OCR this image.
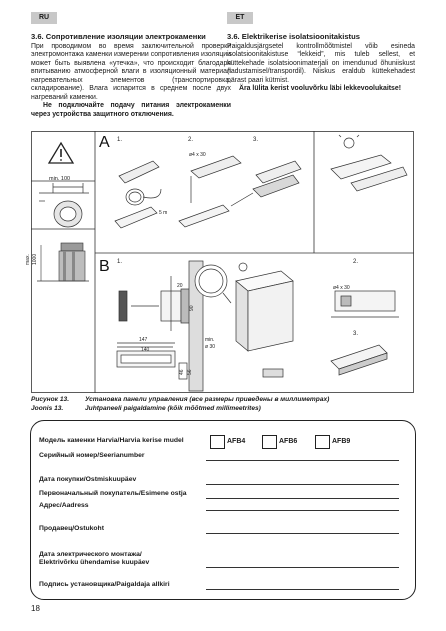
RU	ET
3.6. Сопротивление изоляции электрокаменки

При проводимом во время заключительной проверки электромонтажа каменки измерении сопротивления изоляции может быть выявлена «утечка», что происходит благодаря впитыванию атмосферной влаги в изоляционный материал нагревательных элементов (транспортировка, складирование). Влага испарится в среднем после двух нагреваний каменки.

Не подключайте подачу питания электрокаменки через устройства защитного отключения.

3.6. Elektrikerise isolatsioonitakistus

Paigaldusjärgsetel kontrollmõõtmistel võib esineda isolatsioonitakistuse “lekkeid”, mis tuleb sellest, et küttekehade isolatsioonimaterjali on imendunud õhuniiskust (ladustamisel/transpordil). Niiskus eraldub küttekehadest pärast paari kütmist.

Ära lülita kerist vooluvõrku läbi lekkevoolukaitse!

min. 100
max. 1000
A 1.	2.	3.
ø4 x 30
5 m
B 1.	2.
3.
20
90
147
140
46 56
min.
ø 30
ø4 x 30
Рисунок 13. Установка панели управления (все размеры приведены в миллиметрах)
Joonis 13.	Juhtpaneeli paigaldamine (kõik mõõtmed millimeetrites)
Модель каменки Harvia/Harvia kerise mudel	AFB4	AFB6	AFB9
Серийный номер/Seerianumber
Дата покупки/Ostmiskuupäev
Первоначальный покупатель/Esimene ostja
Адрес/Aadress
Продавец/Ostukoht
Дата электрического монтажа/
Elektrivõrku ühendamise kuupäev
Подпись установщика/Paigaldaja allkiri
18
